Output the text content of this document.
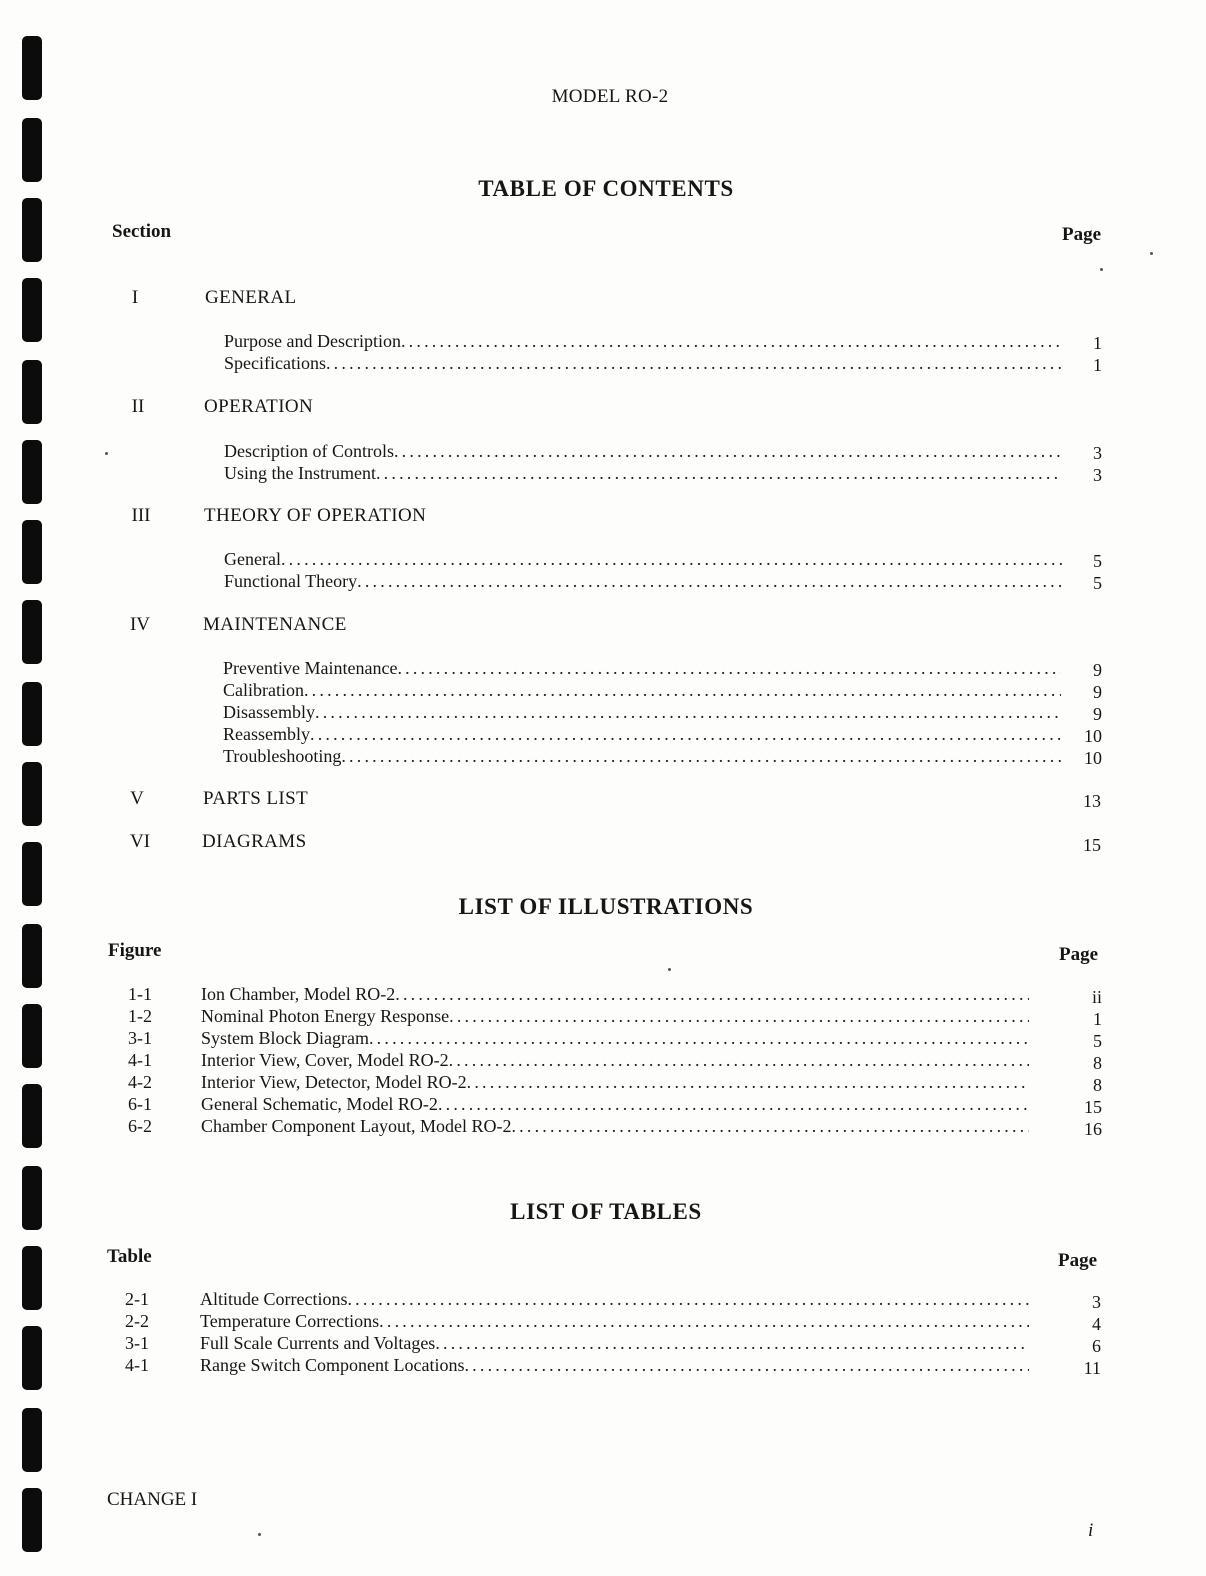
MODEL RO-2
TABLE OF CONTENTS
Section	Page
I	GENERAL
Purpose and Description .....	1
Specifications .....	1
II	OPERATION
Description of Controls .....	3
Using the Instrument .....	3
III	THEORY OF OPERATION
General .....	5
Functional Theory .....	5
IV	MAINTENANCE
Preventive Maintenance .....	9
Calibration .....	9
Disassembly .....	9
Reassembly .....	10
Troubleshooting .....	10
V	PARTS LIST	13
VI	DIAGRAMS	15
LIST OF ILLUSTRATIONS
Figure	Page
1-1	Ion Chamber, Model RO-2 .....	ii
1-2	Nominal Photon Energy Response .....	1
3-1	System Block Diagram .....	5
4-1	Interior View, Cover, Model RO-2 .....	8
4-2	Interior View, Detector, Model RO-2 .....	8
6-1	General Schematic, Model RO-2 .....	15
6-2	Chamber Component Layout, Model RO-2 .....	16
LIST OF TABLES
Table	Page
2-1	Altitude Corrections .....	3
2-2	Temperature Corrections .....	4
3-1	Full Scale Currents and Voltages .....	6
4-1	Range Switch Component Locations .....	11
CHANGE I
i
